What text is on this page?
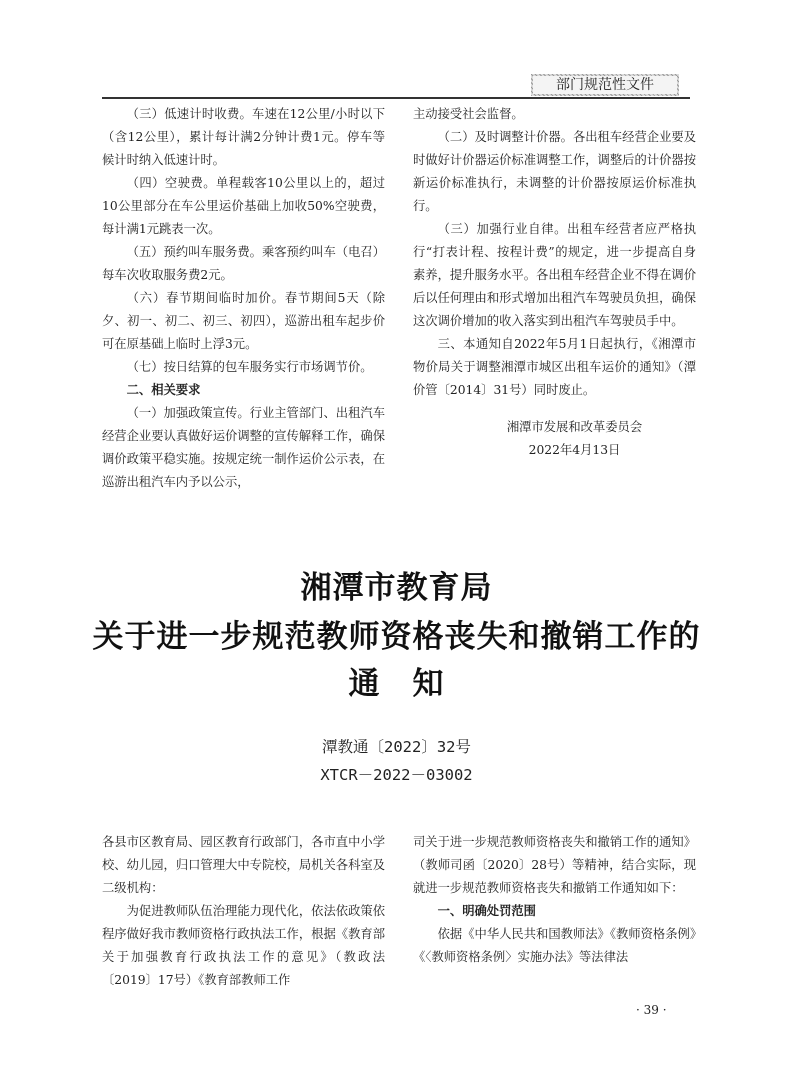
部门规范性文件

（三）低速计时收费。车速在12公里/小时以下（含12公里），累计每计满2分钟计费1元。停车等候计时纳入低速计时。

（四）空驶费。单程载客10公里以上的，超过10公里部分在车公里运价基础上加收50%空驶费，每计满1元跳表一次。

（五）预约叫车服务费。乘客预约叫车（电召）每车次收取服务费2元。

（六）春节期间临时加价。春节期间5天（除夕、初一、初二、初三、初四），巡游出租车起步价可在原基础上临时上浮3元。

（七）按日结算的包车服务实行市场调节价。

二、相关要求

（一）加强政策宣传。行业主管部门、出租汽车经营企业要认真做好运价调整的宣传解释工作，确保调价政策平稳实施。按规定统一制作运价公示表，在巡游出租汽车内予以公示，

主动接受社会监督。

（二）及时调整计价器。各出租车经营企业要及时做好计价器运价标准调整工作，调整后的计价器按新运价标准执行，未调整的计价器按原运价标准执行。

（三）加强行业自律。出租车经营者应严格执行“打表计程、按程计费”的规定，进一步提高自身素养，提升服务水平。各出租车经营企业不得在调价后以任何理由和形式增加出租汽车驾驶员负担，确保这次调价增加的收入落实到出租汽车驾驶员手中。

三、本通知自2022年5月1日起执行，《湘潭市物价局关于调整湘潭市城区出租车运价的通知》（潭价管〔2014〕31号）同时废止。

湘潭市发展和改革委员会

2022年4月13日

湘潭市教育局
关于进一步规范教师资格丧失和撤销工作的
通　知
潭教通〔2022〕32号
XTCR－2022－03002

各县市区教育局、园区教育行政部门，各市直中小学校、幼儿园，归口管理大中专院校，局机关各科室及二级机构：

为促进教师队伍治理能力现代化，依法依政策依程序做好我市教师资格行政执法工作，根据《教育部关于加强教育行政执法工作的意见》（教政法〔2019〕17号）《教育部教师工作

司关于进一步规范教师资格丧失和撤销工作的通知》（教师司函〔2020〕28号）等精神，结合实际，现就进一步规范教师资格丧失和撤销工作通知如下：

一、明确处罚范围

依据《中华人民共和国教师法》《教师资格条例》《〈教师资格条例〉实施办法》等法律法

· 39 ·
